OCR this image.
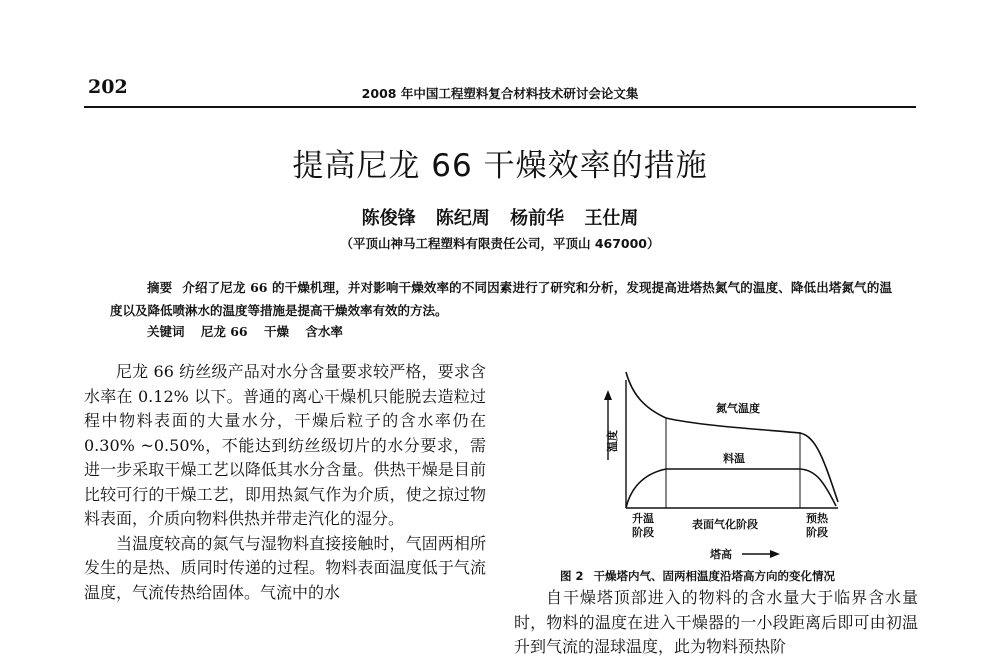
202	2008 年中国工程塑料复合材料技术研讨会论文集
提高尼龙 66 干燥效率的措施
陈俊锋 陈纪周 杨前华 王仕周
（平顶山神马工程塑料有限责任公司，平顶山 467000）
摘要 介绍了尼龙 66 的干燥机理，并对影响干燥效率的不同因素进行了研究和分析，发现提高进塔热氮气的温度、降低出塔氮气的温度以及降低喷淋水的温度等措施是提高干燥效率有效的方法。
关键词 尼龙 66 干燥 含水率

尼龙 66 纺丝级产品对水分含量要求较严格，要求含水率在 0.12% 以下。普通的离心干燥机只能脱去造粒过程中物料表面的大量水分，干燥后粒子的含水率仍在 0.30% ~0.50%，不能达到纺丝级切片的水分要求，需进一步采取干燥工艺以降低其水分含量。供热干燥是目前比较可行的干燥工艺，即用热氮气作为介质，使之掠过物料表面，介质向物料供热并带走汽化的湿分。

当温度较高的氮气与湿物料直接接触时，气固两相所发生的是热、质同时传递的过程。物料表面温度低于气流温度，气流传热给固体。气流中的水

温度
氮气温度
料温
升温
阶段
表面气化阶段	预热
阶段
塔高
图 2 干燥塔内气、固两相温度沿塔高方向的变化情况

自干燥塔顶部进入的物料的含水量大于临界含水量时，物料的温度在进入干燥器的一小段距离后即可由初温升到气流的湿球温度，此为物料预热阶
